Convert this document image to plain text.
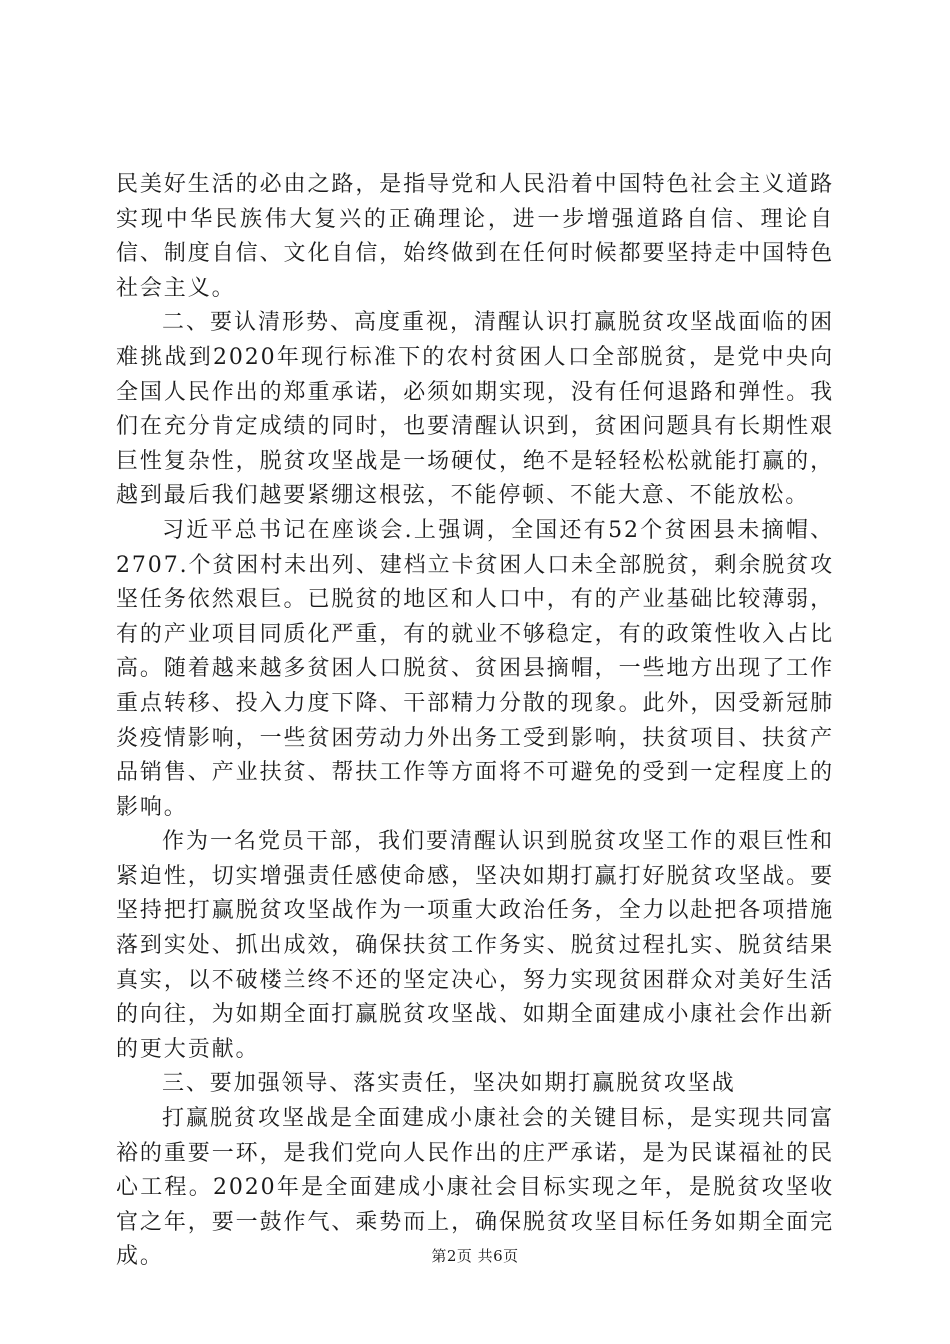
民美好生活的必由之路，是指导党和人民沿着中国特色社会主义道路实现中华民族伟大复兴的正确理论，进一步增强道路自信、理论自信、制度自信、文化自信，始终做到在任何时候都要坚持走中国特色社会主义。

二、要认清形势、高度重视，清醒认识打赢脱贫攻坚战面临的困难挑战到2020年现行标准下的农村贫困人口全部脱贫，是党中央向全国人民作出的郑重承诺，必须如期实现，没有任何退路和弹性。我们在充分肯定成绩的同时，也要清醒认识到，贫困问题具有长期性艰巨性复杂性，脱贫攻坚战是一场硬仗，绝不是轻轻松松就能打赢的，越到最后我们越要紧绷这根弦，不能停顿、不能大意、不能放松。

习近平总书记在座谈会.上强调，全国还有52个贫困县未摘帽、2707.个贫困村未出列、建档立卡贫困人口未全部脱贫，剩余脱贫攻坚任务依然艰巨。已脱贫的地区和人口中，有的产业基础比较薄弱，有的产业项目同质化严重，有的就业不够稳定，有的政策性收入占比高。随着越来越多贫困人口脱贫、贫困县摘帽，一些地方出现了工作重点转移、投入力度下降、干部精力分散的现象。此外，因受新冠肺炎疫情影响，一些贫困劳动力外出务工受到影响，扶贫项目、扶贫产品销售、产业扶贫、帮扶工作等方面将不可避免的受到一定程度上的影响。

作为一名党员干部，我们要清醒认识到脱贫攻坚工作的艰巨性和紧迫性，切实增强责任感使命感，坚决如期打赢打好脱贫攻坚战。要坚持把打赢脱贫攻坚战作为一项重大政治任务，全力以赴把各项措施落到实处、抓出成效，确保扶贫工作务实、脱贫过程扎实、脱贫结果真实，以不破楼兰终不还的坚定决心，努力实现贫困群众对美好生活的向往，为如期全面打赢脱贫攻坚战、如期全面建成小康社会作出新的更大贡献。

三、要加强领导、落实责任，坚决如期打赢脱贫攻坚战

打赢脱贫攻坚战是全面建成小康社会的关键目标，是实现共同富裕的重要一环，是我们党向人民作出的庄严承诺，是为民谋福祉的民心工程。2020年是全面建成小康社会目标实现之年，是脱贫攻坚收官之年，要一鼓作气、乘势而上，确保脱贫攻坚目标任务如期全面完成。	第2页 共6页
